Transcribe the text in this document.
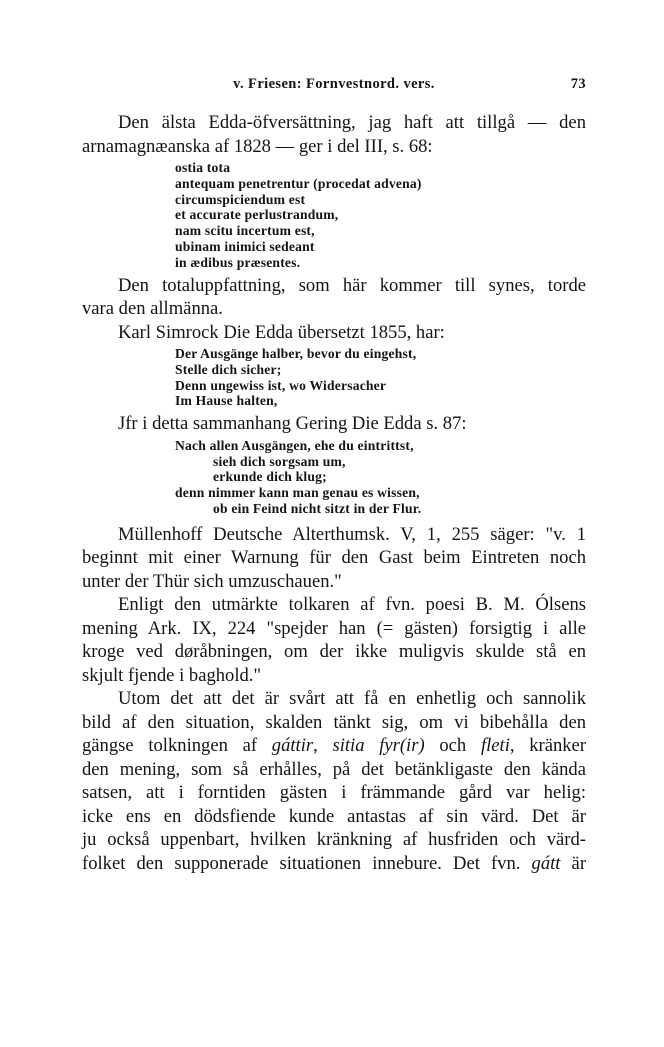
v. Friesen: Fornvestnord. vers.	73

Den älsta Edda-öfversättning, jag haft att tillgå — den
arnamagnæanska af 1828 — ger i del III, s. 68:

ostia tota
antequam penetrentur (procedat advena)
circumspiciendum est
et accurate perlustrandum,
nam scitu incertum est,
ubinam inimici sedeant
in ædibus præsentes.

Den totaluppfattning, som här kommer till synes, torde
vara den allmänna.

Karl Simrock Die Edda übersetzt 1855, har:

Der Ausgänge halber, bevor du eingehst,
Stelle dich sicher;
Denn ungewiss ist, wo Widersacher
Im Hause halten,

Jfr i detta sammanhang Gering Die Edda s. 87:

Nach allen Ausgängen, ehe du eintrittst,
sieh dich sorgsam um,
erkunde dich klug;
denn nimmer kann man genau es wissen,
ob ein Feind nicht sitzt in der Flur.

Müllenhoff Deutsche Alterthumsk. V, 1, 255 säger: "v. 1
beginnt mit einer Warnung für den Gast beim Eintreten noch
unter der Thür sich umzuschauen."

Enligt den utmärkte tolkaren af fvn. poesi B. M. Ólsens
mening Ark. IX, 224 "spejder han (= gästen) forsigtig i alle
kroge ved døråbningen, om der ikke muligvis skulde stå en
skjult fjende i baghold."

Utom det att det är svårt att få en enhetlig och sannolik
bild af den situation, skalden tänkt sig, om vi bibehålla den
gängse tolkningen af gáttir, sitia fyr(ir) och fleti, kränker
den mening, som så erhålles, på det betänkligaste den kända
satsen, att i forntiden gästen i främmande gård var helig:
icke ens en dödsfiende kunde antastas af sin värd. Det är
ju också uppenbart, hvilken kränkning af husfriden och värd-
folket den supponerade situationen innebure. Det fvn. gátt är
